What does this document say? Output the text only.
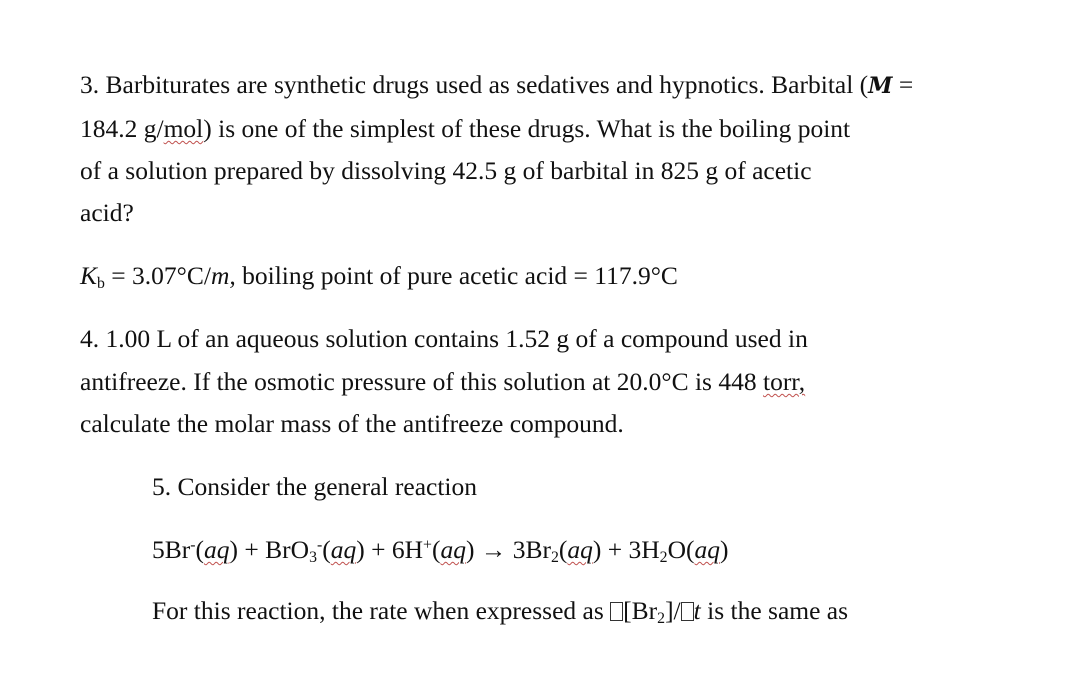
3. Barbiturates are synthetic drugs used as sedatives and hypnotics. Barbital (M =
184.2 g/mol) is one of the simplest of these drugs. What is the boiling point
of a solution prepared by dissolving 42.5 g of barbital in 825 g of acetic
acid?
$K_b = 3.07^\circ C/m$, boiling point of pure acetic acid = 117.9°C
4. 1.00 L of an aqueous solution contains 1.52 g of a compound used in
antifreeze. If the osmotic pressure of this solution at 20.0°C is 448 torr,
calculate the molar mass of the antifreeze compound.
5. Consider the general reaction
$5Br^-(aq) + BrO_3^-(aq) + 6H^+(aq) \to 3Br_2(aq) + 3H_2O(aq)$
For this reaction, the rate when expressed as $[Br_2]/$ t is the same as
